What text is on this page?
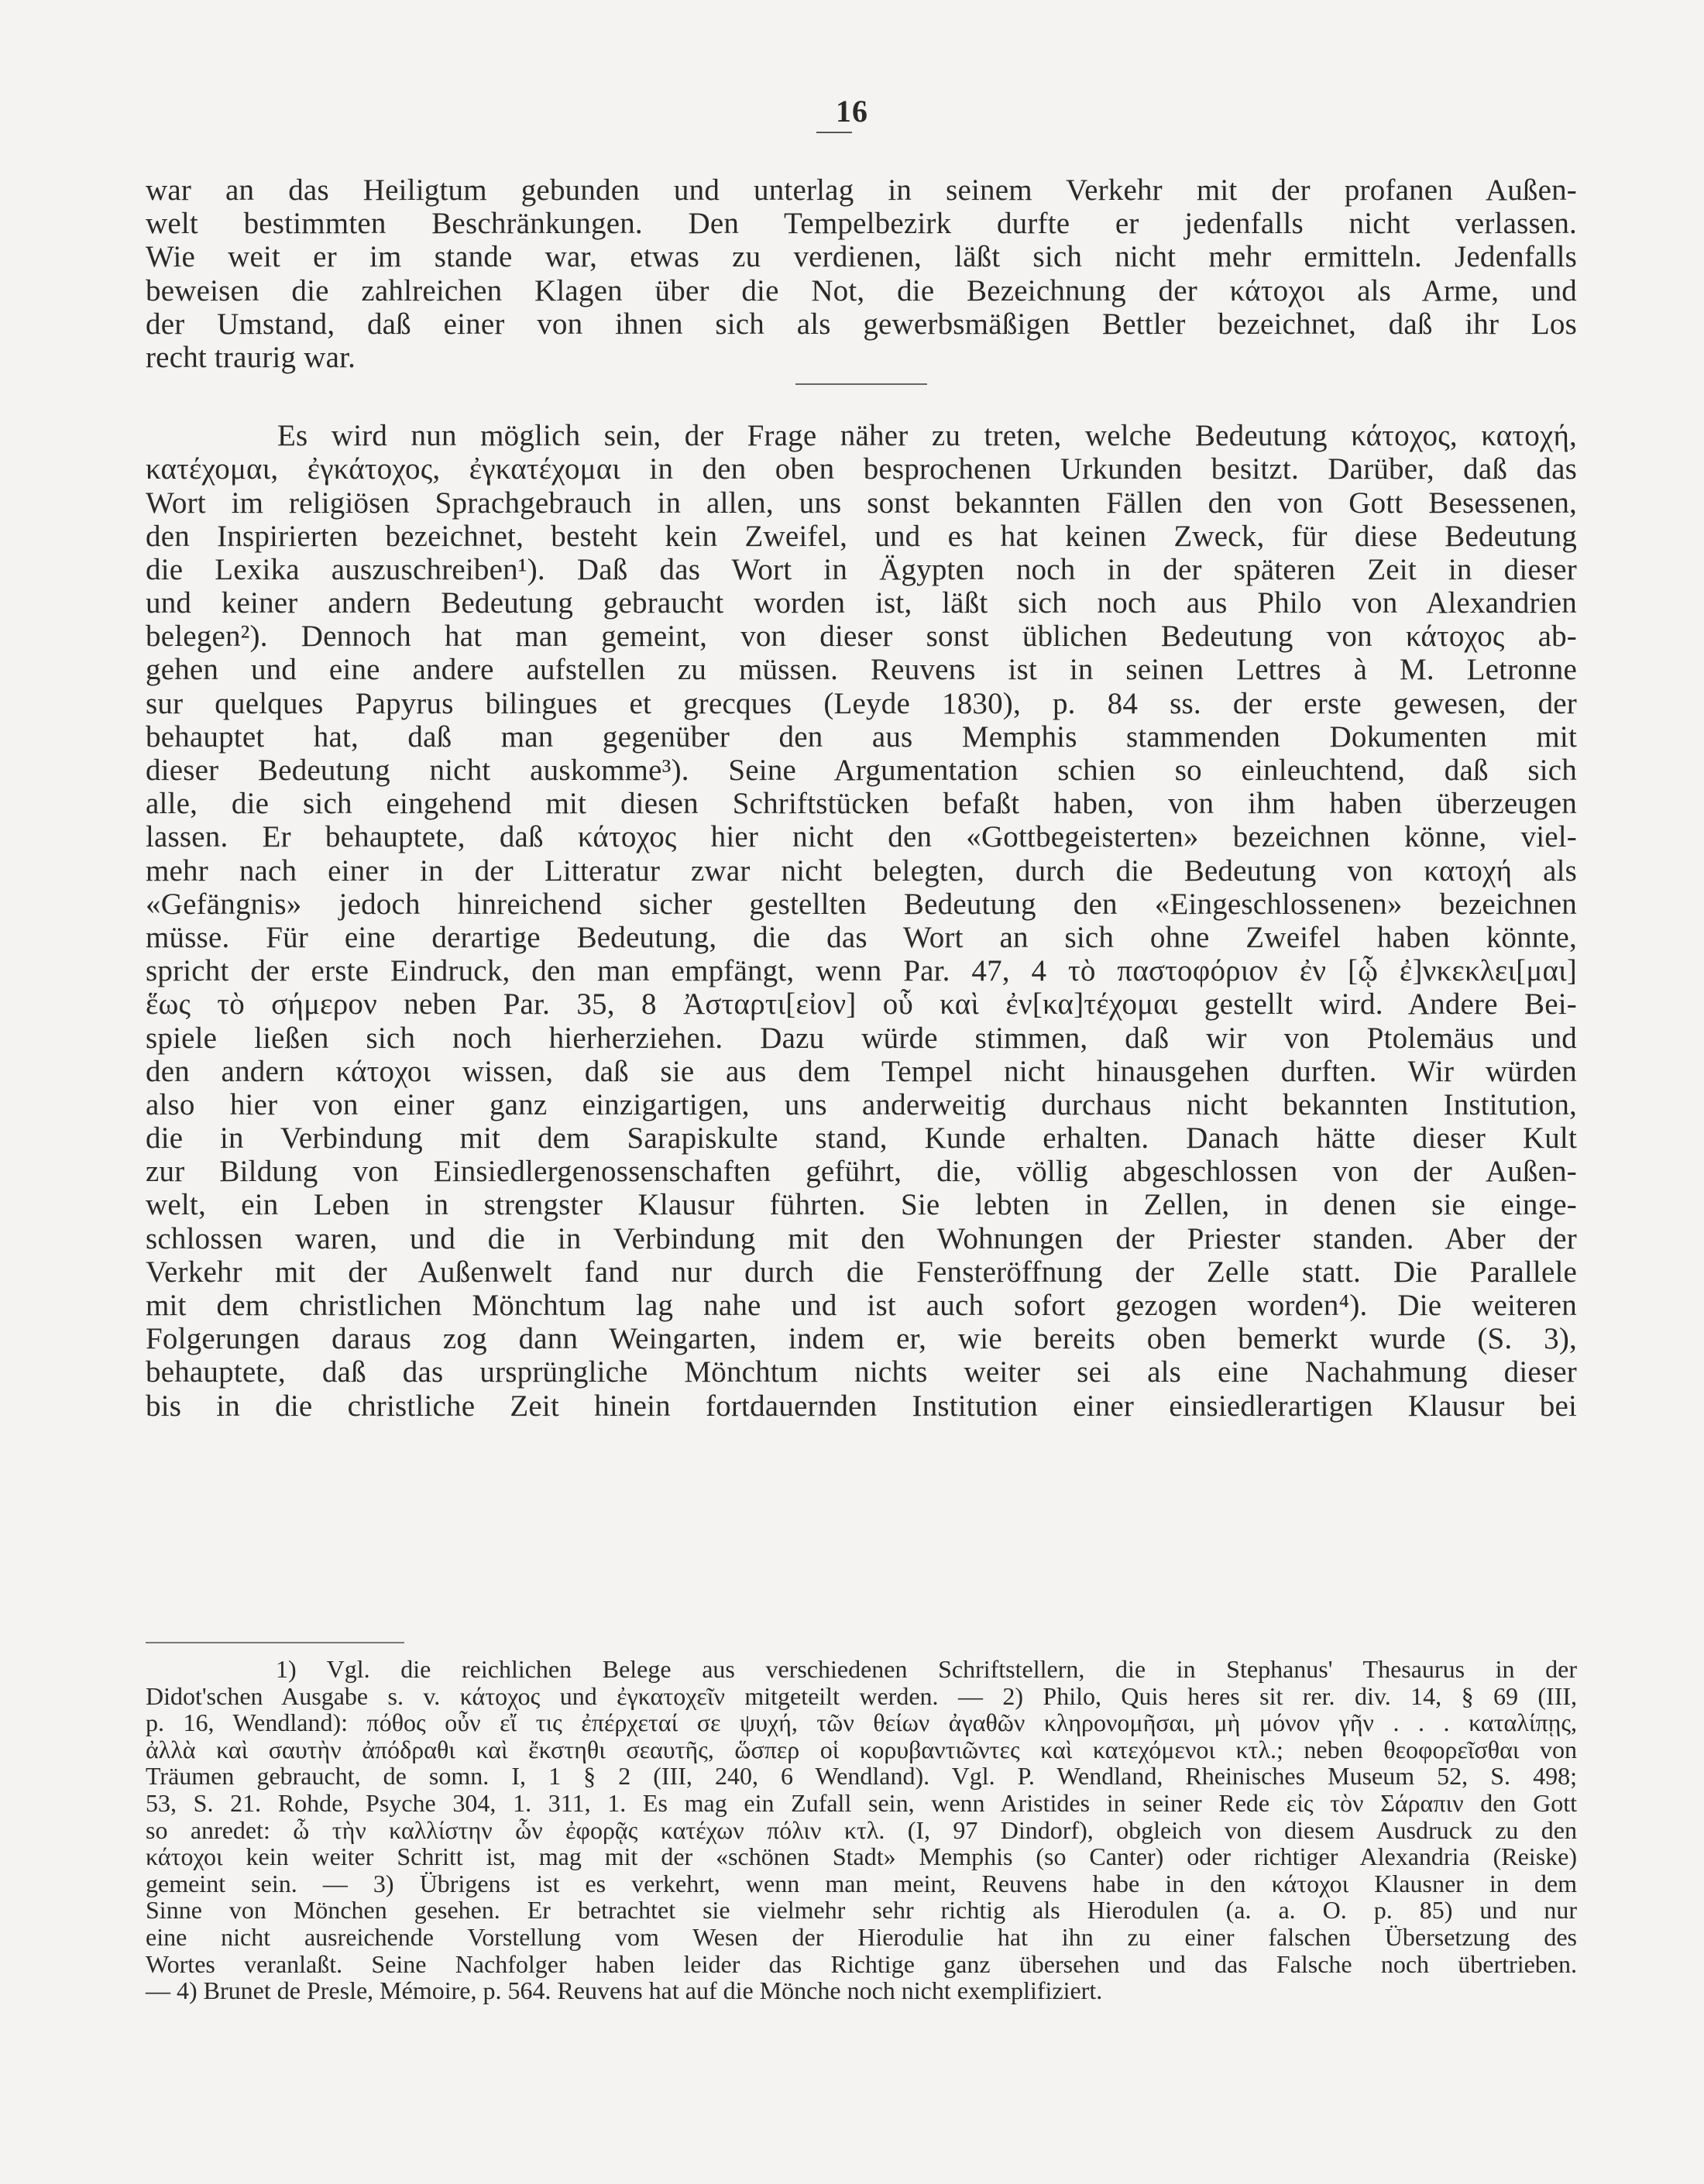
16
war an das Heiligtum gebunden und unterlag in seinem Verkehr mit der profanen Außen-
welt bestimmten Beschränkungen. Den Tempelbezirk durfte er jedenfalls nicht verlassen.
Wie weit er im stande war, etwas zu verdienen, läßt sich nicht mehr ermitteln. Jedenfalls
beweisen die zahlreichen Klagen über die Not, die Bezeichnung der κάτοχοι als Arme, und
der Umstand, daß einer von ihnen sich als gewerbsmäßigen Bettler bezeichnet, daß ihr Los
recht traurig war.
Es wird nun möglich sein, der Frage näher zu treten, welche Bedeutung κάτοχος, κατοχή,
κατέχομαι, ἐγκάτοχος, ἐγκατέχομαι in den oben besprochenen Urkunden besitzt. Darüber, daß das
Wort im religiösen Sprachgebrauch in allen, uns sonst bekannten Fällen den von Gott Besessenen,
den Inspirierten bezeichnet, besteht kein Zweifel, und es hat keinen Zweck, für diese Bedeutung
die Lexika auszuschreiben¹). Daß das Wort in Ägypten noch in der späteren Zeit in dieser
und keiner andern Bedeutung gebraucht worden ist, läßt sich noch aus Philo von Alexandrien
belegen²). Dennoch hat man gemeint, von dieser sonst üblichen Bedeutung von κάτοχος ab-
gehen und eine andere aufstellen zu müssen. Reuvens ist in seinen Lettres à M. Letronne
sur quelques Papyrus bilingues et grecques (Leyde 1830), p. 84 ss. der erste gewesen, der
behauptet hat, daß man gegenüber den aus Memphis stammenden Dokumenten mit
dieser Bedeutung nicht auskomme³). Seine Argumentation schien so einleuchtend, daß sich
alle, die sich eingehend mit diesen Schriftstücken befaßt haben, von ihm haben überzeugen
lassen. Er behauptete, daß κάτοχος hier nicht den «Gottbegeisterten» bezeichnen könne, viel-
mehr nach einer in der Litteratur zwar nicht belegten, durch die Bedeutung von κατοχή als
«Gefängnis» jedoch hinreichend sicher gestellten Bedeutung den «Eingeschlossenen» bezeichnen
müsse. Für eine derartige Bedeutung, die das Wort an sich ohne Zweifel haben könnte,
spricht der erste Eindruck, den man empfängt, wenn Par. 47, 4 τὸ παστοφόριον ἐν [ᾧ ἐ]νκεκλει[μαι]
ἕως τὸ σήμερον neben Par. 35, 8 Ἀσταρτι[εἰον] οὗ καὶ ἐν[κα]τέχομαι gestellt wird. Andere Bei-
spiele ließen sich noch hierherziehen. Dazu würde stimmen, daß wir von Ptolemäus und
den andern κάτοχοι wissen, daß sie aus dem Tempel nicht hinausgehen durften. Wir würden
also hier von einer ganz einzigartigen, uns anderweitig durchaus nicht bekannten Institution,
die in Verbindung mit dem Sarapiskulte stand, Kunde erhalten. Danach hätte dieser Kult
zur Bildung von Einsiedlergenossenschaften geführt, die, völlig abgeschlossen von der Außen-
welt, ein Leben in strengster Klausur führten. Sie lebten in Zellen, in denen sie einge-
schlossen waren, und die in Verbindung mit den Wohnungen der Priester standen. Aber der
Verkehr mit der Außenwelt fand nur durch die Fensteröffnung der Zelle statt. Die Parallele
mit dem christlichen Mönchtum lag nahe und ist auch sofort gezogen worden⁴). Die weiteren
Folgerungen daraus zog dann Weingarten, indem er, wie bereits oben bemerkt wurde (S. 3),
behauptete, daß das ursprüngliche Mönchtum nichts weiter sei als eine Nachahmung dieser
bis in die christliche Zeit hinein fortdauernden Institution einer einsiedlerartigen Klausur bei
1) Vgl. die reichlichen Belege aus verschiedenen Schriftstellern, die in Stephanus' Thesaurus in der
Didot'schen Ausgabe s. v. κάτοχος und ἐγκατοχεῖν mitgeteilt werden. — 2) Philo, Quis heres sit rer. div. 14, § 69 (III,
p. 16, Wendland): πόθος οὖν εἴ τις ἐπέρχεταί σε ψυχή, τῶν θείων ἀγαθῶν κληρονομῆσαι, μὴ μόνον γῆν . . . καταλίπῃς,
ἀλλὰ καὶ σαυτὴν ἀπόδραθι καὶ ἔκστηθι σεαυτῆς, ὥσπερ οἱ κορυβαντιῶντες καὶ κατεχόμενοι κτλ.; neben θεοφορεῖσθαι von
Träumen gebraucht, de somn. I, 1 § 2 (III, 240, 6 Wendland). Vgl. P. Wendland, Rheinisches Museum 52, S. 498;
53, S. 21. Rohde, Psyche 304, 1. 311, 1. Es mag ein Zufall sein, wenn Aristides in seiner Rede εἰς τὸν Σάραπιν den Gott
so anredet: ὦ τὴν καλλίστην ὧν ἐφορᾷς κατέχων πόλιν κτλ. (I, 97 Dindorf), obgleich von diesem Ausdruck zu den
κάτοχοι kein weiter Schritt ist, mag mit der «schönen Stadt» Memphis (so Canter) oder richtiger Alexandria (Reiske)
gemeint sein. — 3) Übrigens ist es verkehrt, wenn man meint, Reuvens habe in den κάτοχοι Klausner in dem
Sinne von Mönchen gesehen. Er betrachtet sie vielmehr sehr richtig als Hierodulen (a. a. O. p. 85) und nur
eine nicht ausreichende Vorstellung vom Wesen der Hierodulie hat ihn zu einer falschen Übersetzung des
Wortes veranlaßt. Seine Nachfolger haben leider das Richtige ganz übersehen und das Falsche noch übertrieben.
— 4) Brunet de Presle, Mémoire, p. 564. Reuvens hat auf die Mönche noch nicht exemplifiziert.
